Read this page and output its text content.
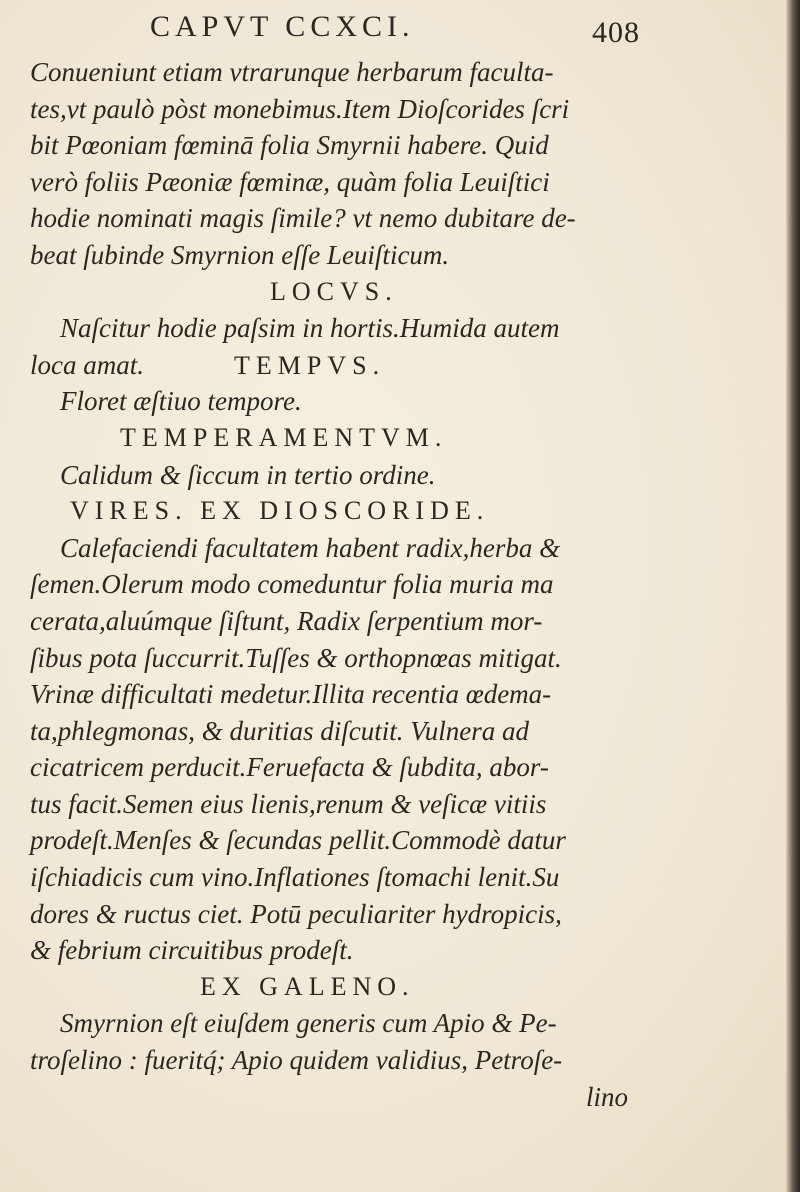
CAPVT CCXCI.	408
Conueniunt etiam vtrarunque herbarum faculta-
tes,vt paulò pòst monebimus.Item Dioſcorides ſcri
bit Pœoniam fœminā folia Smyrnii habere. Quid
verò foliis Pæoniæ fœminæ, quàm folia Leuiſtici
hodie nominati magis ſimile? vt nemo dubitare de-
beat ſubinde Smyrnion eſſe Leuiſticum.
LOCVS.
Naſcitur hodie paſsim in hortis.Humida autem
loca amat.	TEMPVS.
Floret æſtiuo tempore.
TEMPERAMENTVM.
Calidum & ſiccum in tertio ordine.
VIRES. EX DIOSCORIDE.
Calefaciendi facultatem habent radix,herba &
ſemen.Olerum modo comeduntur folia muria ma
cerata,aluúmque ſiſtunt, Radix ſerpentium mor-
ſibus pota ſuccurrit.Tuſſes & orthopnœas mitigat.
Vrinæ difficultati medetur.Illita recentia œdema-
ta,phlegmonas, & duritias diſcutit. Vulnera ad
cicatricem perducit.Feruefacta & ſubdita, abor-
tus facit.Semen eius lienis,renum & veſicæ vitiis
prodeſt.Menſes & ſecundas pellit.Commodè datur
iſchiadicis cum vino.Inflationes ſtomachi lenit.Su
dores & ructus ciet. Potū peculiariter hydropicis,
& febrium circuitibus prodeſt.
EX GALENO.
Smyrnion eſt eiuſdem generis cum Apio & Pe-
troſelino : fueritq́; Apio quidem validius, Petroſe-
lino
